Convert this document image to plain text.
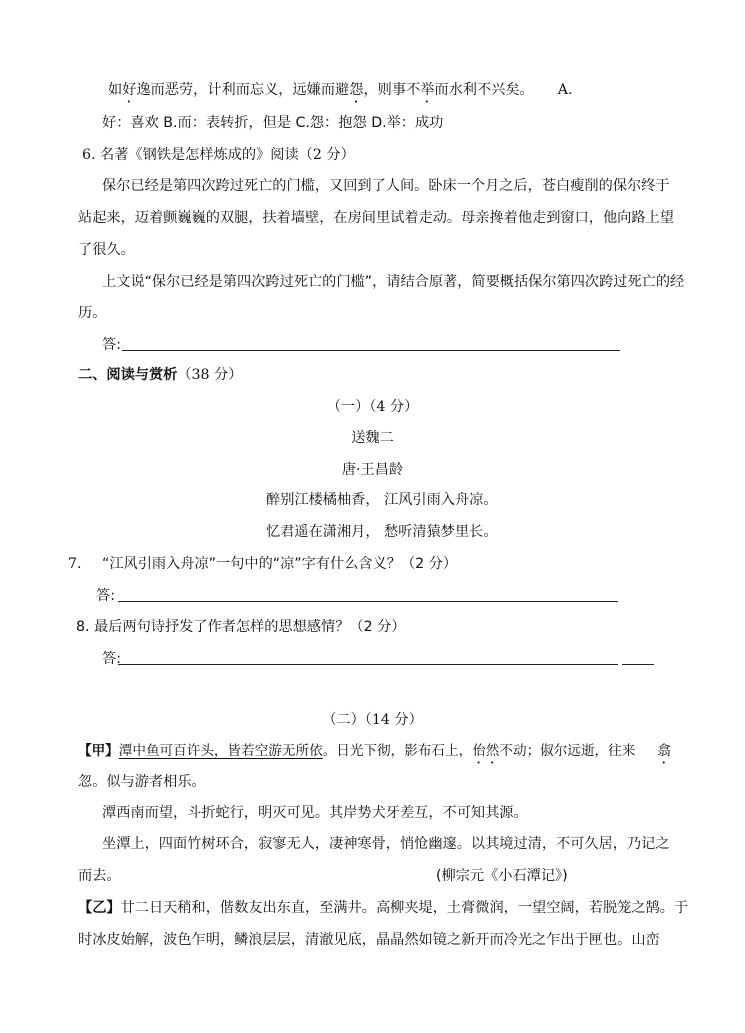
如好逸而恶劳，计利而忘义，远嫌而避怨，则事不举而水利不兴矣。 A.
好：喜欢 B.而：表转折，但是 C.怨：抱怨 D.举：成功
6. 名著《钢铁是怎样炼成的》阅读（2 分）
保尔已经是第四次跨过死亡的门槛，又回到了人间。卧床一个月之后，苍白瘦削的保尔终于
站起来，迈着颤巍巍的双腿，扶着墙壁，在房间里试着走动。母亲搀着他走到窗口，他向路上望
了很久。
上文说“保尔已经是第四次跨过死亡的门槛”，请结合原著，简要概括保尔第四次跨过死亡的经
历。
答:
二、阅读与赏析（38 分）
（一）（4 分）
送魏二
唐·王昌龄
醉别江楼橘柚香， 江风引雨入舟凉。
忆君遥在潇湘月， 愁听清猿梦里长。
7. “江风引雨入舟凉”一句中的“凉”字有什么含义？（2 分）
答:
8. 最后两句诗抒发了作者怎样的思想感情？（2 分）
答:
（二）（14 分）
【甲】潭中鱼可百许头，皆若空游无所依。日光下彻，影布石上，佁然不动；俶尔远逝，往来 翕
忽。似与游者相乐。
潭西南而望，斗折蛇行，明灭可见。其岸势犬牙差互，不可知其源。
坐潭上，四面竹树环合，寂寥无人，凄神寒骨，悄怆幽邃。以其境过清，不可久居，乃记之
而去。	(柳宗元《小石潭记》)
【乙】廿二日天稍和，偕数友出东直，至满井。高柳夹堤，土膏微润，一望空阔，若脱笼之鹄。于
时冰皮始解，波色乍明，鳞浪层层，清澈见底，晶晶然如镜之新开而冷光之乍出于匣也。山峦
